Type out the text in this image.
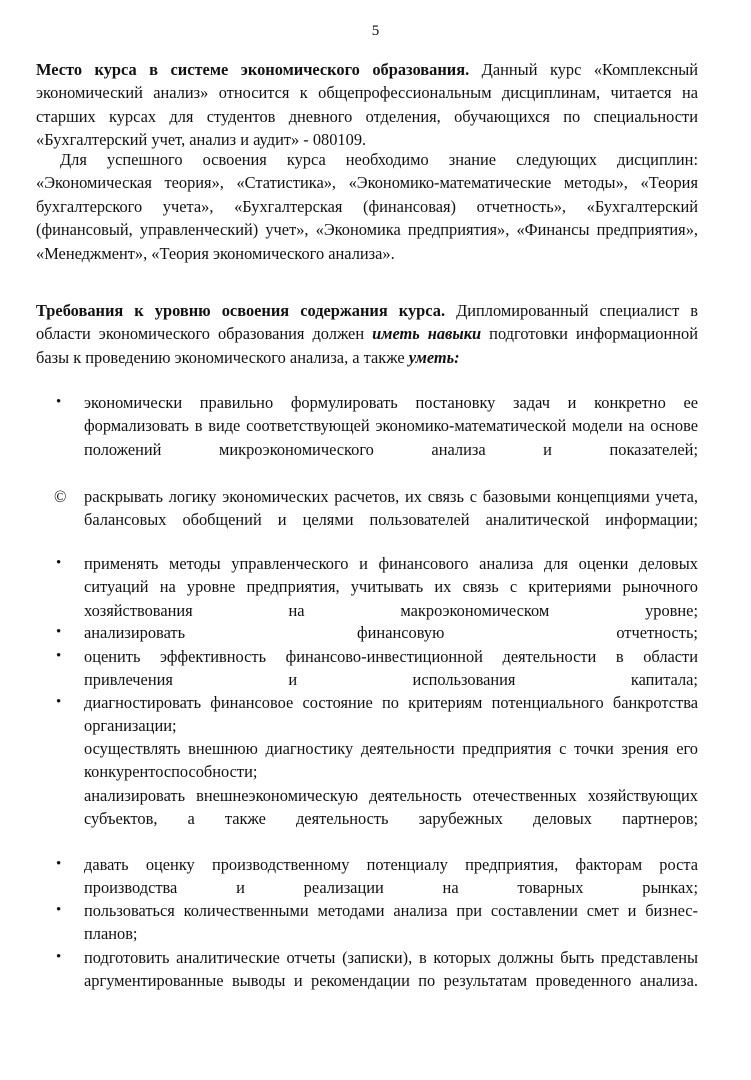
5
Место курса в системе экономического образования. Данный курс «Комплексный экономический анализ» относится к общепрофессиональным дисциплинам, читается на старших курсах для студентов дневного отделения, обучающихся по специальности «Бухгалтерский учет, анализ и аудит» - 080109.
Для успешного освоения курса необходимо знание следующих дисциплин: «Экономическая теория», «Статистика», «Экономико-математические методы», «Теория бухгалтерского учета», «Бухгалтерская (финансовая) отчетность», «Бухгалтерский (финансовый, управленческий) учет», «Экономика предприятия», «Финансы предприятия», «Менеджмент», «Теория экономического анализа».
Требования к уровню освоения содержания курса. Дипломированный специалист в области экономического образования должен иметь навыки подготовки информационной базы к проведению экономического анализа, а также уметь:
•	экономически правильно формулировать постановку задач и конкретно ее формализовать в виде соответствующей экономико-математической модели на основе положений микроэкономического анализа и показателей;
©	раскрывать логику экономических расчетов, их связь с базовыми концепциями учета, балансовых обобщений и целями пользователей аналитической информации;
•	применять методы управленческого и финансового анализа для оценки деловых ситуаций на уровне предприятия, учитывать их связь с критериями рыночного хозяйствования на макроэкономическом уровне;
•	анализировать финансовую отчетность;
•	оценить эффективность финансово-инвестиционной деятельности в области привлечения и использования капитала;
•	диагностировать финансовое состояние по критериям потенциального банкротства организации;
осуществлять внешнюю диагностику деятельности предприятия с точки зрения его конкурентоспособности;
анализировать внешнеэкономическую деятельность отечественных хозяйствующих субъектов, а также деятельность зарубежных деловых партнеров;
•	давать оценку производственному потенциалу предприятия, факторам роста производства и реализации на товарных рынках;
•	пользоваться количественными методами анализа при составлении смет и бизнес-планов;
•	подготовить аналитические отчеты (записки), в которых должны быть представлены аргументированные выводы и рекомендации по результатам проведенного анализа.
